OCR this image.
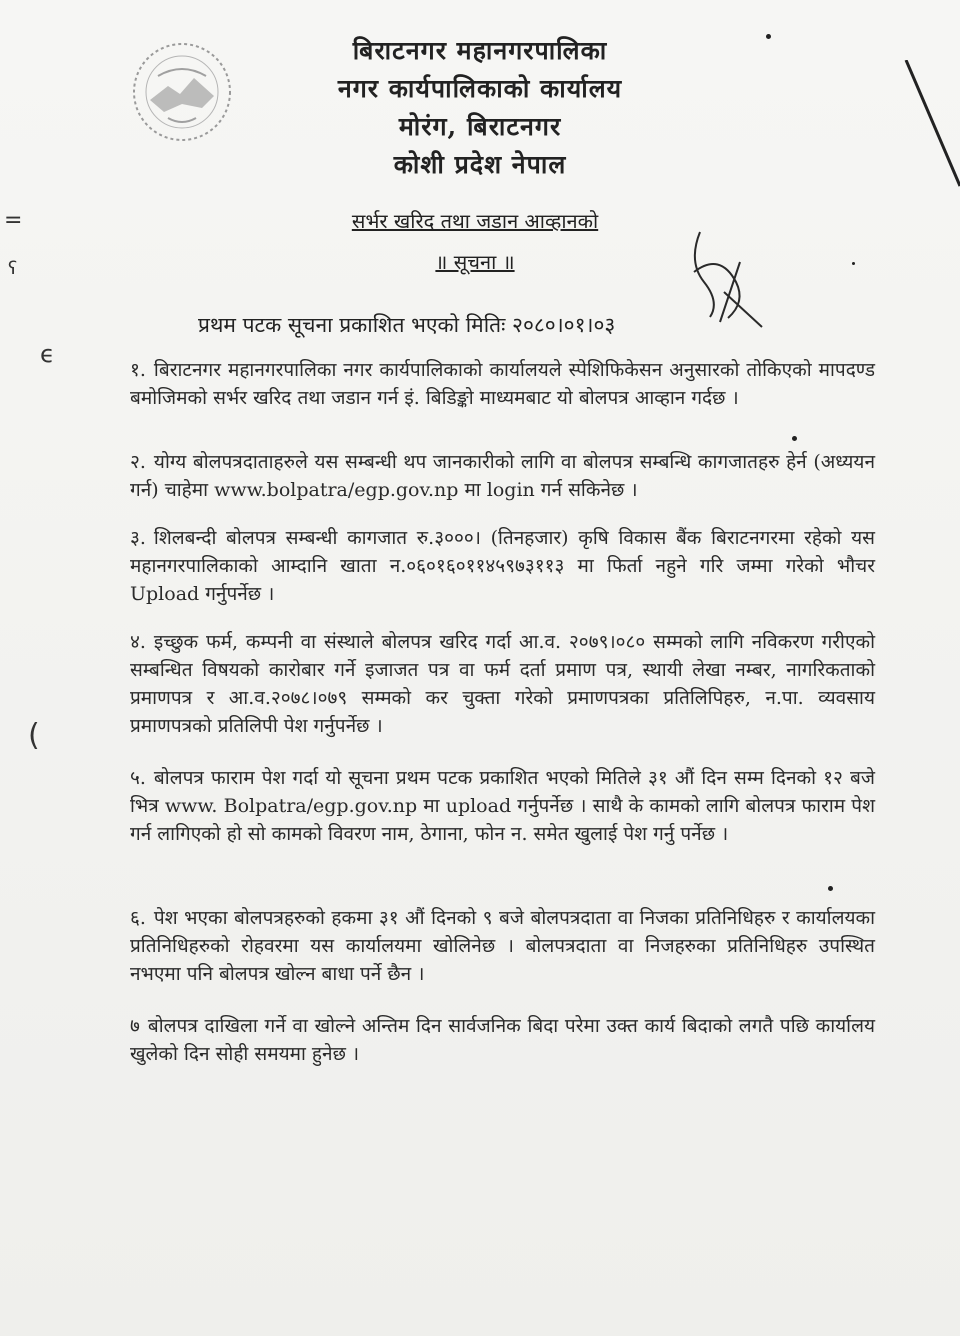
बिराटनगर महानगरपालिका
नगर कार्यपालिकाको कार्यालय
मोरंग, बिराटनगर
कोशी प्रदेश नेपाल
सर्भर खरिद तथा जडान आव्हानको
॥ सूचना ॥
प्रथम पटक सूचना प्रकाशित भएको मितिः २०८०।०१।०३
१. बिराटनगर महानगरपालिका नगर कार्यपालिकाको कार्यालयले स्पेशिफिकेसन अनुसारको तोकिएको मापदण्ड बमोजिमको सर्भर खरिद तथा जडान गर्न इं. बिडिङ्को माध्यमबाट यो बोलपत्र आव्हान गर्दछ ।
२. योग्य बोलपत्रदाताहरुले यस सम्बन्धी थप जानकारीको लागि वा बोलपत्र सम्बन्धि कागजातहरु हेर्न (अध्ययन गर्न) चाहेमा www.bolpatra/egp.gov.np मा login गर्न सकिनेछ ।
३. शिलबन्दी बोलपत्र सम्बन्धी कागजात रु.३०००। (तिनहजार) कृषि विकास बैंक बिराटनगरमा रहेको यस महानगरपालिकाको आम्दानि खाता न.०६०१६०११४५९७३११३ मा फिर्ता नहुने गरि जम्मा गरेको भौचर Upload गर्नुपर्नेछ ।
४. इच्छुक फर्म, कम्पनी वा संस्थाले बोलपत्र खरिद गर्दा आ.व. २०७९।०८० सम्मको लागि नविकरण गरीएको सम्बन्धित विषयको कारोबार गर्ने इजाजत पत्र वा फर्म दर्ता प्रमाण पत्र, स्थायी लेखा नम्बर, नागरिकताको प्रमाणपत्र र आ.व.२०७८।०७९ सम्मको कर चुक्ता गरेको प्रमाणपत्रका प्रतिलिपिहरु, न.पा. व्यवसाय प्रमाणपत्रको प्रतिलिपी पेश गर्नुपर्नेछ ।
५. बोलपत्र फाराम पेश गर्दा यो सूचना प्रथम पटक प्रकाशित भएको मितिले ३१ औं दिन सम्म दिनको १२ बजे भित्र www. Bolpatra/egp.gov.np मा upload गर्नुपर्नेछ । साथै के कामको लागि बोलपत्र फाराम पेश गर्न लागिएको हो सो कामको विवरण नाम, ठेगाना, फोन न. समेत खुलाई पेश गर्नु पर्नेछ ।
६. पेश भएका बोलपत्रहरुको हकमा ३१ औं दिनको ९ बजे बोलपत्रदाता वा निजका प्रतिनिधिहरु र कार्यालयका प्रतिनिधिहरुको रोहवरमा यस कार्यालयमा खोलिनेछ । बोलपत्रदाता वा निजहरुका प्रतिनिधिहरु उपस्थित नभएमा पनि बोलपत्र खोल्न बाधा पर्ने छैन ।
७ बोलपत्र दाखिला गर्ने वा खोल्ने अन्तिम दिन सार्वजनिक बिदा परेमा उक्त कार्य बिदाको लगतै पछि कार्यालय खुलेको दिन सोही समयमा हुनेछ ।
=
ʕ
ϵ
(
